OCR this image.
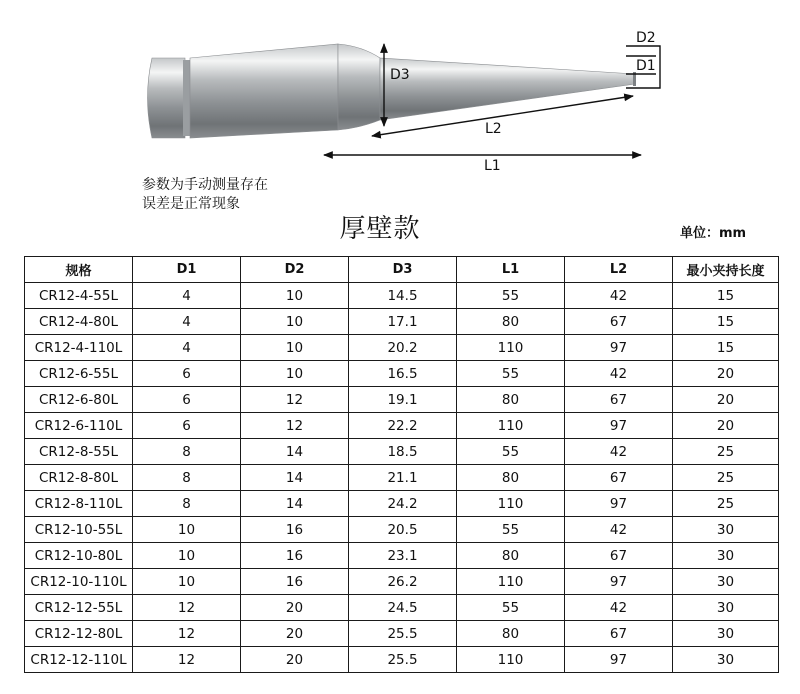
D3
L2
L1
D2
D1
参数为手动测量存在
误差是正常现象
厚壁款	单位：mm
规格	D1	D2	D3	L1	L2	最小夹持长度
CR12-4-55L	4	10	14.5	55	42	15
CR12-4-80L	4	10	17.1	80	67	15
CR12-4-110L	4	10	20.2	110	97	15
CR12-6-55L	6	10	16.5	55	42	20
CR12-6-80L	6	12	19.1	80	67	20
CR12-6-110L	6	12	22.2	110	97	20
CR12-8-55L	8	14	18.5	55	42	25
CR12-8-80L	8	14	21.1	80	67	25
CR12-8-110L	8	14	24.2	110	97	25
CR12-10-55L	10	16	20.5	55	42	30
CR12-10-80L	10	16	23.1	80	67	30
CR12-10-110L	10	16	26.2	110	97	30
CR12-12-55L	12	20	24.5	55	42	30
CR12-12-80L	12	20	25.5	80	67	30
CR12-12-110L	12	20	25.5	110	97	30
